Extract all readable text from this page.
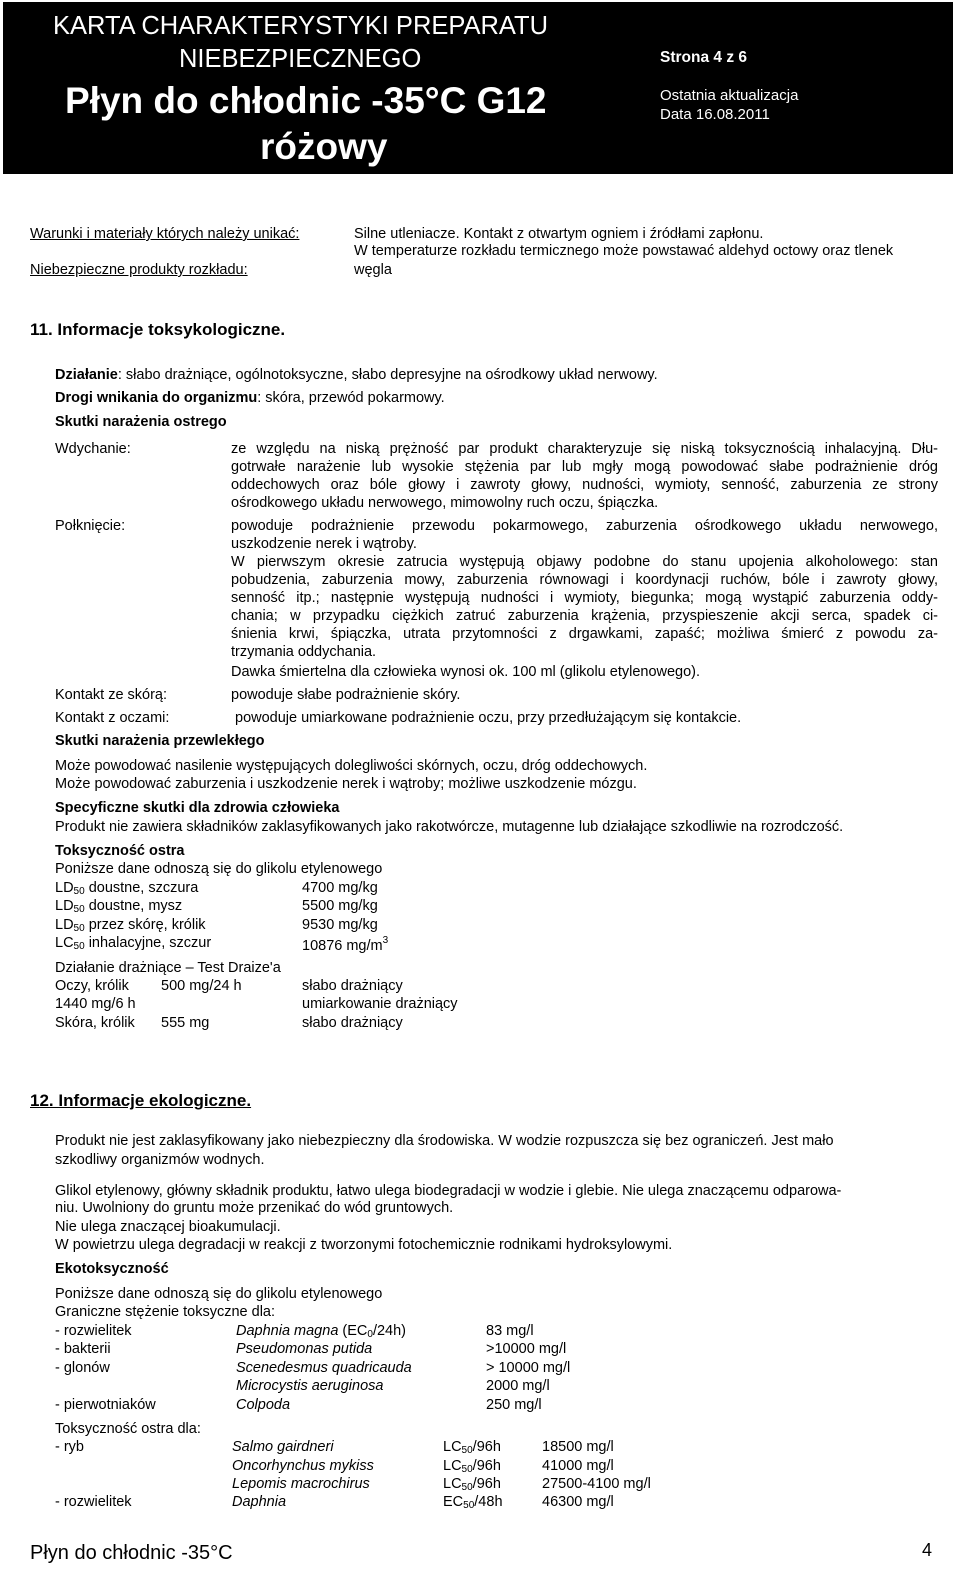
KARTA CHARAKTERYSTYKI PREPARATU
NIEBEZPIECZNEGO
Płyn do chłodnic -35°C G12
różowy
Strona 4 z 6
Ostatnia aktualizacja
Data 16.08.2011
Warunki i materiały których należy unikać:	Silne utleniacze. Kontakt z otwartym ogniem i źródłami zapłonu.
W temperaturze rozkładu termicznego może powstawać aldehyd octowy oraz tlenek
Niebezpieczne produkty rozkładu:	węgla
11. Informacje toksykologiczne.
Działanie: słabo drażniące, ogólnotoksyczne, słabo depresyjne na ośrodkowy układ nerwowy.
Drogi wnikania do organizmu: skóra, przewód pokarmowy.
Skutki narażenia ostrego
Wdychanie:	ze względu na niską prężność par produkt charakteryzuje się niską toksycznością inhalacyjną. Dłu-
gotrwałe narażenie lub wysokie stężenia par lub mgły mogą powodować słabe podrażnienie dróg
oddechowych oraz bóle głowy i zawroty głowy, nudności, wymioty, senność, zaburzenia ze strony
ośrodkowego układu nerwowego, mimowolny ruch oczu, śpiączka.
Połknięcie:	powoduje podrażnienie przewodu pokarmowego, zaburzenia ośrodkowego układu nerwowego,
uszkodzenie nerek i wątroby.
W pierwszym okresie zatrucia występują objawy podobne do stanu upojenia alkoholowego: stan
pobudzenia, zaburzenia mowy, zaburzenia równowagi i koordynacji ruchów, bóle i zawroty głowy,
senność itp.; następnie występują nudności i wymioty, biegunka; mogą wystąpić zaburzenia oddy-
chania; w przypadku ciężkich zatruć zaburzenia krążenia, przyspieszenie akcji serca, spadek ci-
śnienia krwi, śpiączka, utrata przytomności z drgawkami, zapaść; możliwa śmierć z powodu za-
trzymania oddychania.
Dawka śmiertelna dla człowieka wynosi ok. 100 ml (glikolu etylenowego).
Kontakt ze skórą:	powoduje słabe podrażnienie skóry.
Kontakt z oczami:	powoduje umiarkowane podrażnienie oczu, przy przedłużającym się kontakcie.
Skutki narażenia przewlekłego
Może powodować nasilenie występujących dolegliwości skórnych, oczu, dróg oddechowych.
Może powodować zaburzenia i uszkodzenie nerek i wątroby; możliwe uszkodzenie mózgu.
Specyficzne skutki dla zdrowia człowieka
Produkt nie zawiera składników zaklasyfikowanych jako rakotwórcze, mutagenne lub działające szkodliwie na rozrodczość.
Toksyczność ostra
Poniższe dane odnoszą się do glikolu etylenowego
$LD_{50}$ doustne, szczura	4700 mg/kg
$LD_{50}$ doustne, mysz	5500 mg/kg
$LD_{50}$ przez skórę, królik	9530 mg/kg
$LC_{50}$ inhalacyjne, szczur	10876 $mg/m^3$
Działanie drażniące – Test Draize'a
Oczy, królik 500 mg/24 h	słabo drażniący
1440 mg/6 h	umiarkowanie drażniący
Skóra, królik 555 mg	słabo drażniący
12. Informacje ekologiczne.
Produkt nie jest zaklasyfikowany jako niebezpieczny dla środowiska. W wodzie rozpuszcza się bez ograniczeń. Jest mało
szkodliwy organizmów wodnych.
Glikol etylenowy, główny składnik produktu, łatwo ulega biodegradacji w wodzie i glebie. Nie ulega znaczącemu odparowa-
niu. Uwolniony do gruntu może przenikać do wód gruntowych.
Nie ulega znaczącej bioakumulacji.
W powietrzu ulega degradacji w reakcji z tworzonymi fotochemicznie rodnikami hydroksylowymi.
Ekotoksyczność
Poniższe dane odnoszą się do glikolu etylenowego
Graniczne stężenie toksyczne dla:
- rozwielitek	Daphnia magna $(EC_0/24h)$	83 mg/l
- bakterii	Pseudomonas putida	>10000 mg/l
- glonów	Scenedesmus quadricauda	> 10000 mg/l
Microcystis aeruginosa	2000 mg/l
- pierwotniaków	Colpoda	250 mg/l
Toksyczność ostra dla:
- ryb	Salmo gairdneri	$LC_{50}/96h$	18500 mg/l
Oncorhynchus mykiss	$LC_{50}/96h$	41000 mg/l
Lepomis macrochirus	$LC_{50}/96h$	27500-4100 mg/l
- rozwielitek	Daphnia	$EC_{50}/48h$	46300 mg/l
Płyn do chłodnic -35°C	4
